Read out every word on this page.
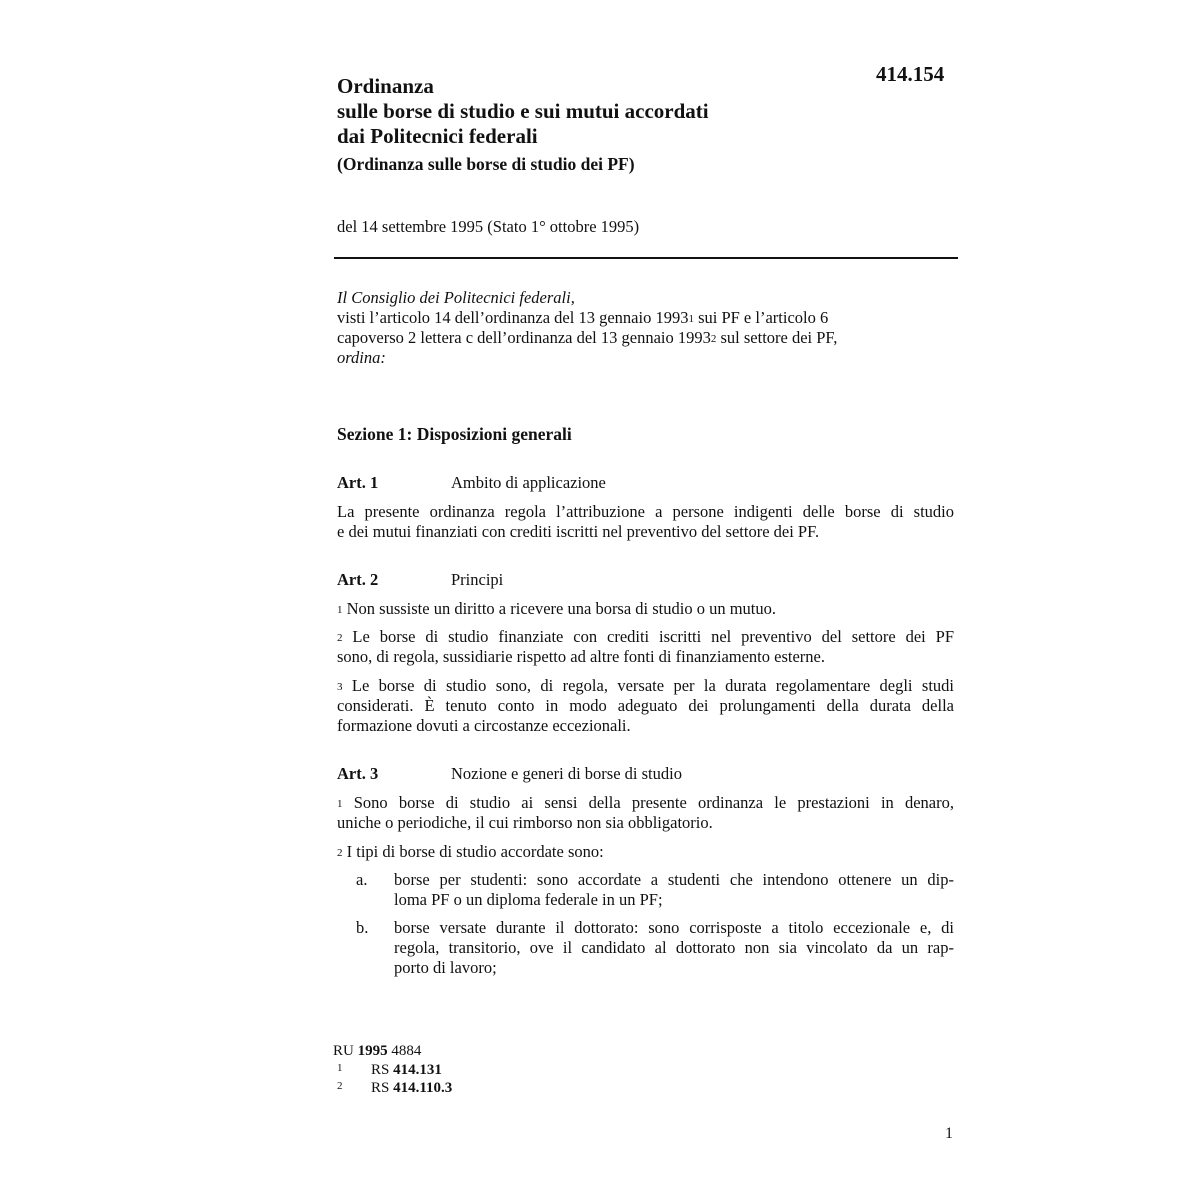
414.154
Ordinanza
sulle borse di studio e sui mutui accordati
dai Politecnici federali
(Ordinanza sulle borse di studio dei PF)
del 14 settembre 1995 (Stato 1° ottobre 1995)
Il Consiglio dei Politecnici federali,
visti l’articolo 14 dell’ordinanza del 13 gennaio 1993$^1$ sui PF e l’articolo 6
capoverso 2 lettera c dell’ordinanza del 13 gennaio 1993$^2$ sul settore dei PF,
ordina:
Sezione 1: Disposizioni generali
Art. 1	Ambito di applicazione
La presente ordinanza regola l’attribuzione a persone indigenti delle borse di studio
e dei mutui finanziati con crediti iscritti nel preventivo del settore dei PF.
Art. 2	Principi
$^1$ Non sussiste un diritto a ricevere una borsa di studio o un mutuo.
$^2$ Le borse di studio finanziate con crediti iscritti nel preventivo del settore dei PF
sono, di regola, sussidiarie rispetto ad altre fonti di finanziamento esterne.
$^3$ Le borse di studio sono, di regola, versate per la durata regolamentare degli studi
considerati. È tenuto conto in modo adeguato dei prolungamenti della durata della
formazione dovuti a circostanze eccezionali.
Art. 3	Nozione e generi di borse di studio
$^1$ Sono borse di studio ai sensi della presente ordinanza le prestazioni in denaro,
uniche o periodiche, il cui rimborso non sia obbligatorio.
$^2$ I tipi di borse di studio accordate sono:
a.	borse per studenti: sono accordate a studenti che intendono ottenere un dip-
loma PF o un diploma federale in un PF;
b.	borse versate durante il dottorato: sono corrisposte a titolo eccezionale e, di
regola, transitorio, ove il candidato al dottorato non sia vincolato da un rap-
porto di lavoro;
RU 1995 4884
1 RS 414.131
2 RS 414.110.3
1
